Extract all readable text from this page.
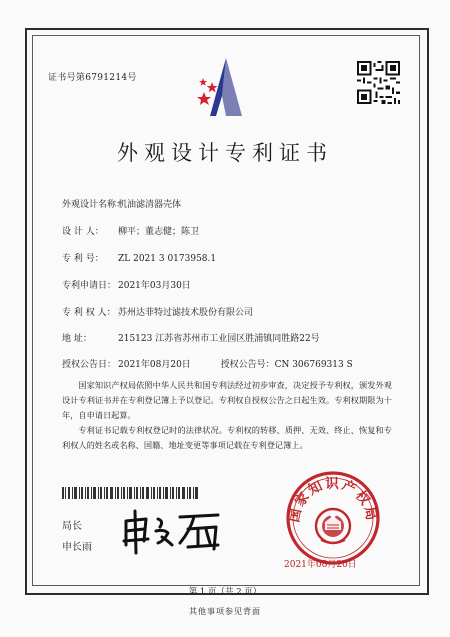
证书号第6791214号
外观设计专利证书
外观设计名称：机油滤清器壳体
设 计 人： 柳平；董志健；陈卫
专 利 号： ZL 2021 3 0173958.1
专利申请日： 2021年03月30日
专 利 权 人： 苏州达菲特过滤技术股份有限公司
地 址：	215123 江苏省苏州市工业园区胜浦镇同胜路22号
授权公告日： 2021年08月20日	授权公告号：CN 306769313 S

国家知识产权局依照中华人民共和国专利法经过初步审查，决定授予专利权，颁发外观设计专利证书并在专利登记簿上予以登记。专利权自授权公告之日起生效。专利权期限为十年，自申请日起算。

专利证书记载专利权登记时的法律状况。专利权的转移、质押、无效、终止、恢复和专利权人的姓名或名称、国籍、地址变更等事项记载在专利登记簿上。

局长
申长雨
国家知识产权局
2021年08月20日
第 1 页（共 2 页）
其他事项参见背面
